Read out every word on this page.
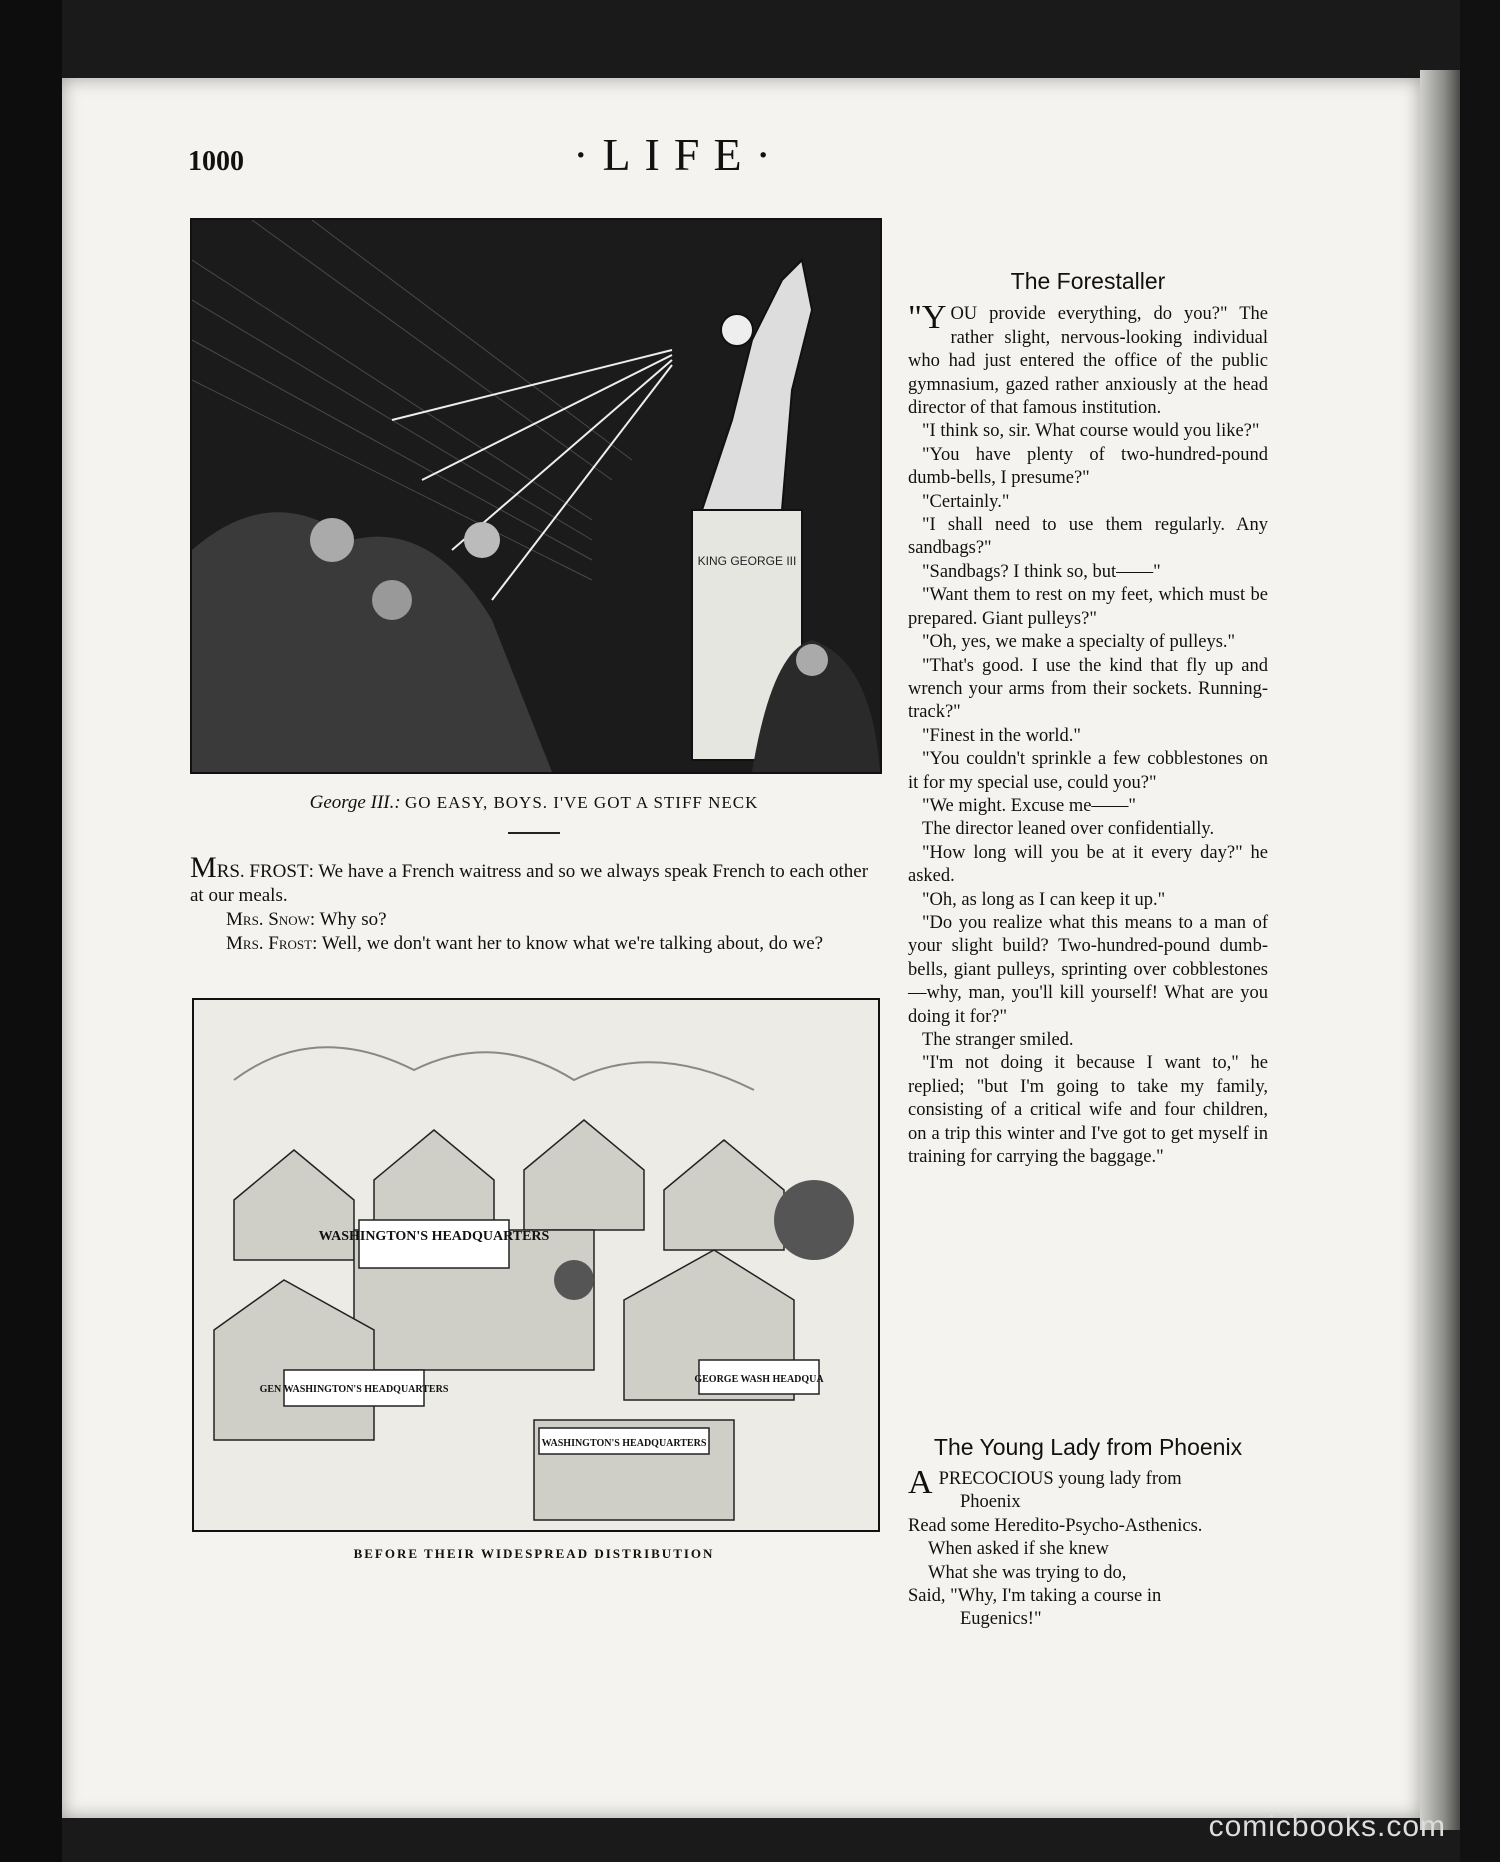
1000	·LIFE·
KING GEORGE III
George III.: GO EASY, BOYS. I'VE GOT A STIFF NECK

MRS. FROST: We have a French waitress and so we always speak French to each other at our meals.

Mrs. Snow: Why so?

Mrs. Frost: Well, we don't want her to know what we're talking about, do we?

WASHINGTON'S HEADQUARTERS
GEN WASHINGTON'S HEADQUARTERS
GEORGE WASH HEADQUA
WASHINGTON'S HEADQUARTERS
BEFORE THEIR WIDESPREAD DISTRIBUTION
The Forestaller

"YOU provide everything, do you?" The rather slight, nervous-looking individual who had just entered the office of the public gymnasium, gazed rather anxiously at the head director of that famous institution.

"I think so, sir. What course would you like?"

"You have plenty of two-hundred-pound dumb-bells, I presume?"

"Certainly."

"I shall need to use them regularly. Any sandbags?"

"Sandbags? I think so, but——"

"Want them to rest on my feet, which must be prepared. Giant pulleys?"

"Oh, yes, we make a specialty of pulleys."

"That's good. I use the kind that fly up and wrench your arms from their sockets. Running-track?"

"Finest in the world."

"You couldn't sprinkle a few cobblestones on it for my special use, could you?"

"We might. Excuse me——"

The director leaned over confidentially.

"How long will you be at it every day?" he asked.

"Oh, as long as I can keep it up."

"Do you realize what this means to a man of your slight build? Two-hundred-pound dumb-bells, giant pulleys, sprinting over cobblestones—why, man, you'll kill yourself! What are you doing it for?"

The stranger smiled.

"I'm not doing it because I want to," he replied; "but I'm going to take my family, consisting of a critical wife and four children, on a trip this winter and I've got to get myself in training for carrying the baggage."

The Young Lady from Phoenix

APRECOCIOUS young lady from

Phoenix

Read some Heredito-Psycho-Asthenics.

When asked if she knew

What she was trying to do,

Said, "Why, I'm taking a course in

Eugenics!"

comicbooks.com
